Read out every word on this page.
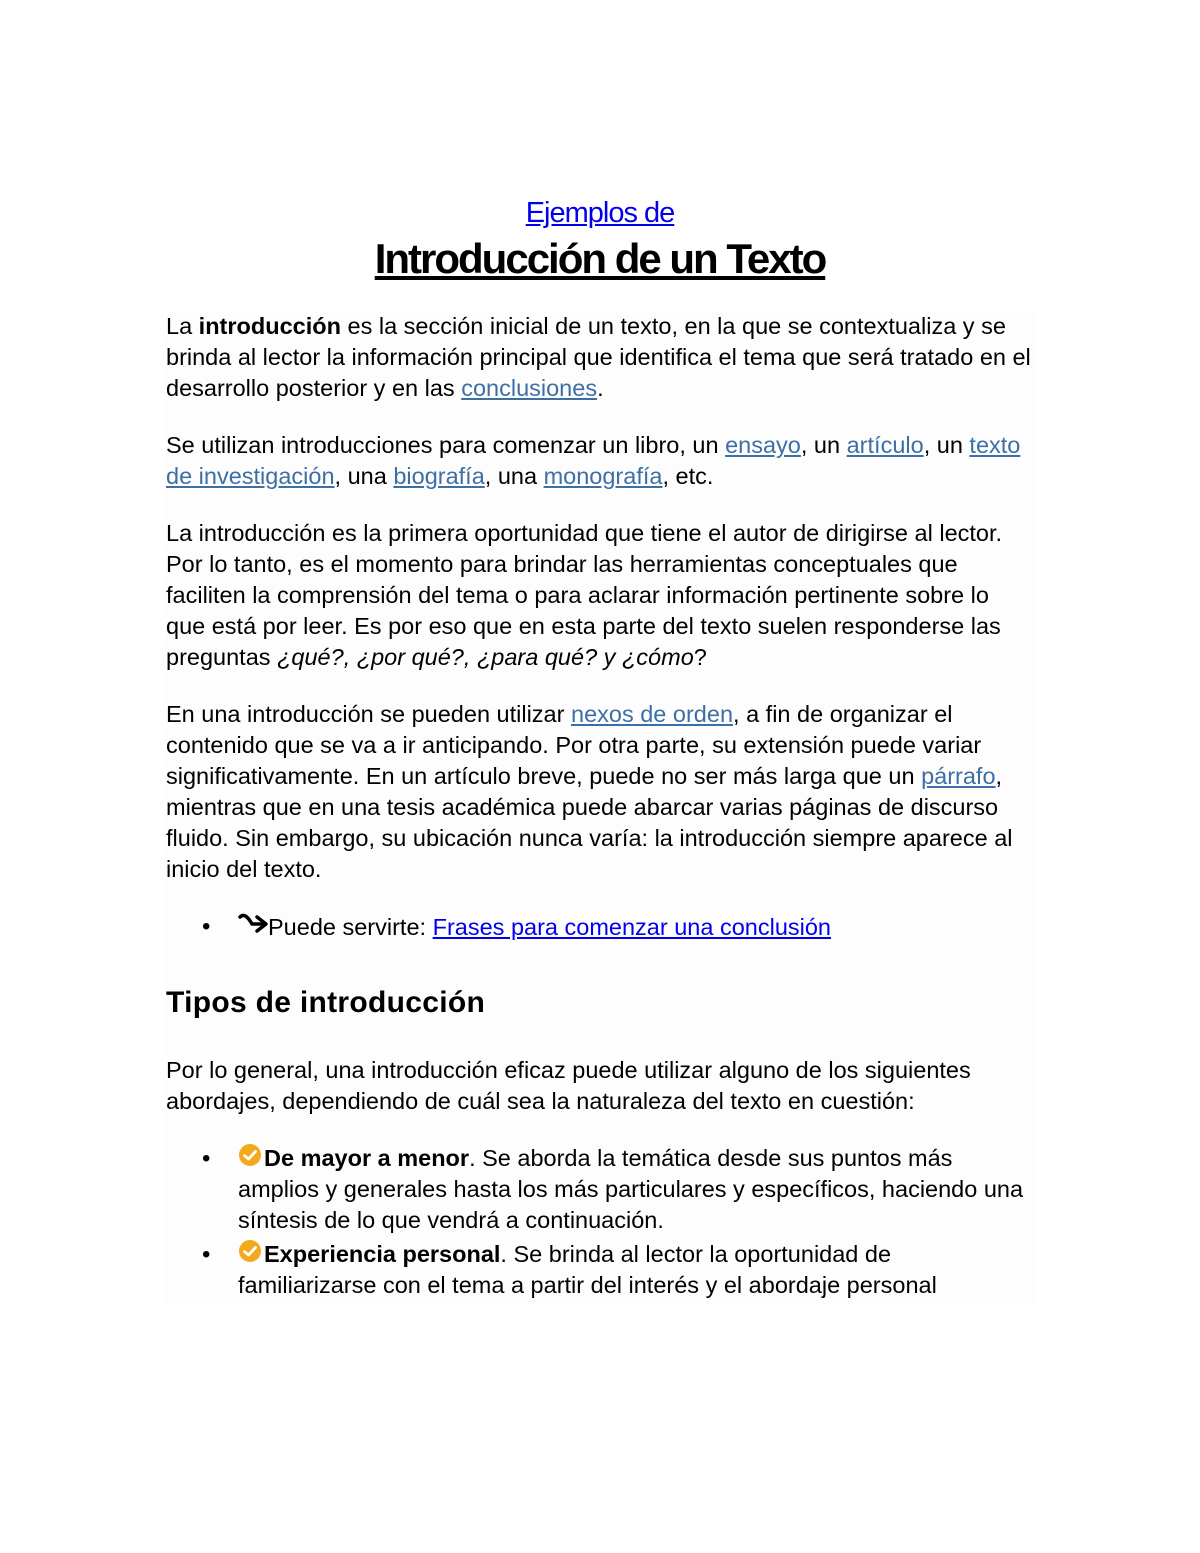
Ejemplos de
Introducción de un Texto

La introducción es la sección inicial de un texto, en la que se contextualiza y se brinda al lector la información principal que identifica el tema que será tratado en el desarrollo posterior y en las conclusiones.

Se utilizan introducciones para comenzar un libro, un ensayo, un artículo, un texto de investigación, una biografía, una monografía, etc.

La introducción es la primera oportunidad que tiene el autor de dirigirse al lector. Por lo tanto, es el momento para brindar las herramientas conceptuales que faciliten la comprensión del tema o para aclarar información pertinente sobre lo que está por leer. Es por eso que en esta parte del texto suelen responderse las preguntas ¿qué?, ¿por qué?, ¿para qué? y ¿cómo?

En una introducción se pueden utilizar nexos de orden, a fin de organizar el contenido que se va a ir anticipando. Por otra parte, su extensión puede variar significativamente. En un artículo breve, puede no ser más larga que un párrafo, mientras que en una tesis académica puede abarcar varias páginas de discurso fluido. Sin embargo, su ubicación nunca varía: la introducción siempre aparece al inicio del texto.

• Puede servirte: Frases para comenzar una conclusión
Tipos de introducción

Por lo general, una introducción eficaz puede utilizar alguno de los siguientes abordajes, dependiendo de cuál sea la naturaleza del texto en cuestión:

• De mayor a menor. Se aborda la temática desde sus puntos más amplios y generales hasta los más particulares y específicos, haciendo una síntesis de lo que vendrá a continuación.
• Experiencia personal. Se brinda al lector la oportunidad de familiarizarse con el tema a partir del interés y el abordaje personal
